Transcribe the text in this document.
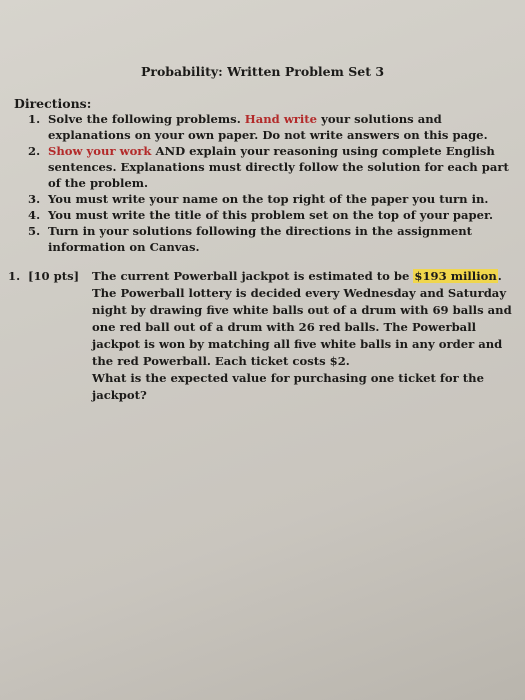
Probability: Written Problem Set 3
Directions:
1. Solve the following problems. Hand write your solutions and explanations on your own paper. Do not write answers on this page.
2. Show your work AND explain your reasoning using complete English sentences. Explanations must directly follow the solution for each part of the problem.
3. You must write your name on the top right of the paper you turn in.
4. You must write the title of this problem set on the top of your paper.
5. Turn in your solutions following the directions in the assignment information on Canvas.
1. [10 pts] The current Powerball jackpot is estimated to be $193 million. The Powerball lottery is decided every Wednesday and Saturday night by drawing five white balls out of a drum with 69 balls and one red ball out of a drum with 26 red balls. The Powerball jackpot is won by matching all five white balls in any order and the red Powerball. Each ticket costs $2.
What is the expected value for purchasing one ticket for the jackpot?
